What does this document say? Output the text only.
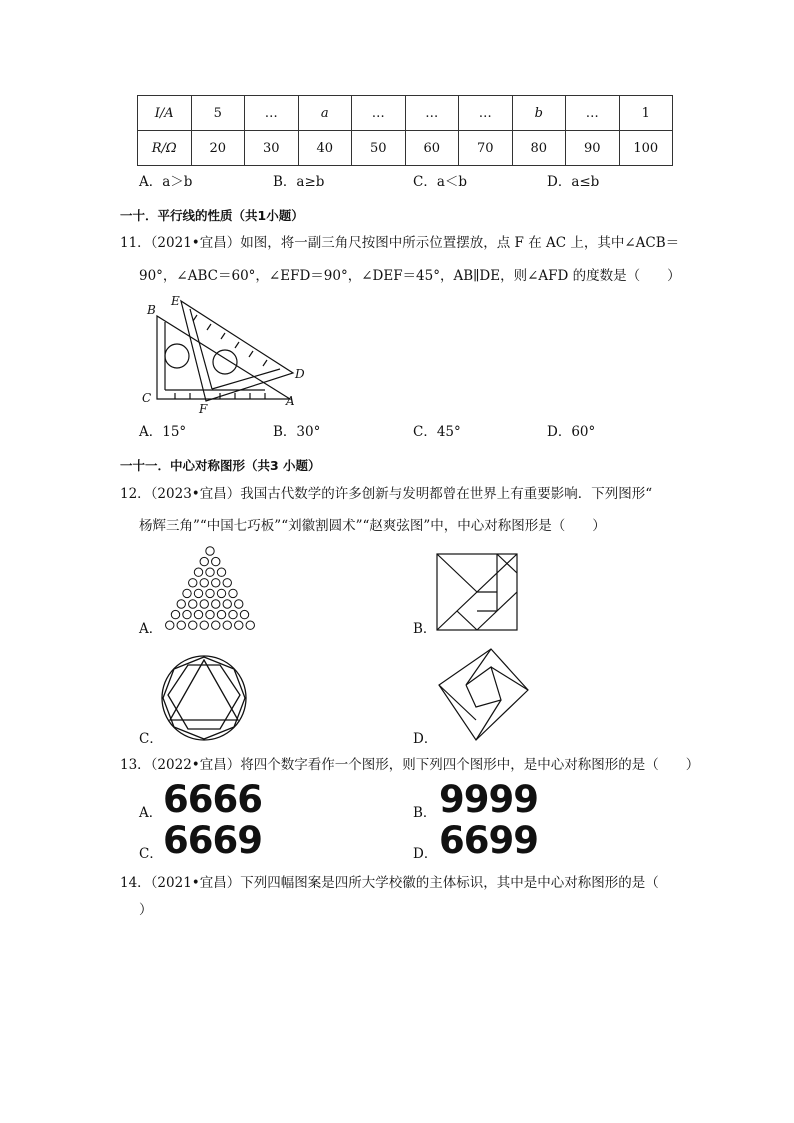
I/A	5	…	a	…	…	…	b	…	1
R/Ω	20	30	40	50	60	70	80	90	100
A．a＞b	B．a≥b	C．a＜b	D．a≤b
一十．平行线的性质（共1小题）
11．（2021•宜昌）如图，将一副三角尺按图中所示位置摆放，点 F 在 AC 上，其中∠ACB＝
90°，∠ABC＝60°，∠EFD＝90°，∠DEF＝45°，AB∥DE，则∠AFD 的度数是（　　）
B
E
D
C
F
A
A．15°	B．30°	C．45°	D．60°
一十一．中心对称图形（共3 小题）
12．（2023•宜昌）我国古代数学的许多创新与发明都曾在世界上有重要影响．下列图形“
杨辉三角”“中国七巧板”“刘徽割圆术”“赵爽弦图”中，中心对称图形是（　　）
A．	B．
C．	D．
13．（2022•宜昌）将四个数字看作一个图形，则下列四个图形中，是中心对称图形的是（　　）
A． 6666	B． 9999
C． 6669	D． 6699
14．（2021•宜昌）下列四幅图案是四所大学校徽的主体标识，其中是中心对称图形的是（
）
